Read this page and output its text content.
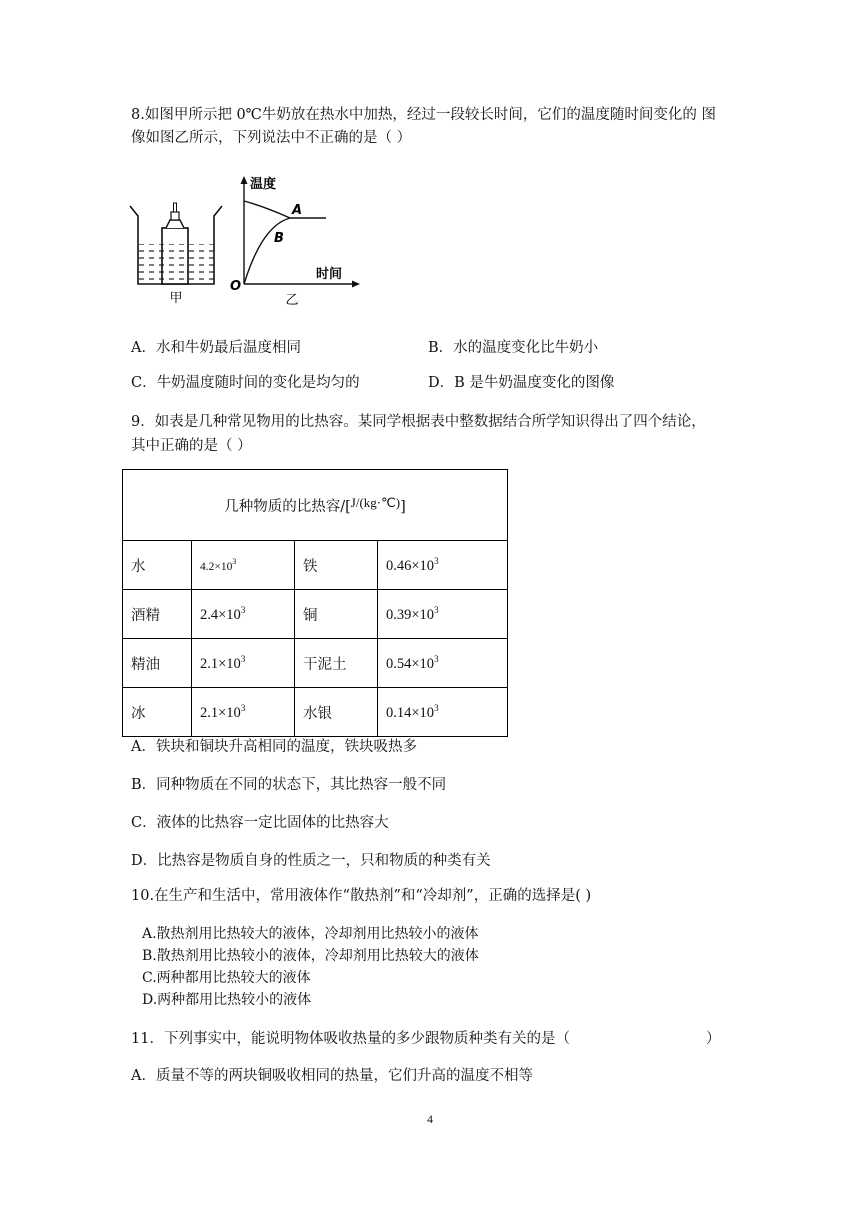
8.如图甲所示把 0℃牛奶放在热水中加热，经过一段较长时间，它们的温度随时间变化的 图
像如图乙所示，下列说法中不正确的是（ ）
甲
温度
时间
O
A
B
乙
A．水和牛奶最后温度相同	B．水的温度变化比牛奶小
C．牛奶温度随时间的变化是均匀的	D．B 是牛奶温度变化的图像
9．如表是几种常见物用的比热容。某同学根据表中整数据结合所学知识得出了四个结论，
其中正确的是（ ）
几种物质的比热容/[J/(kg·℃)]			
水	$4.2\times 10^3$	铁	$0.46\times 10^3$
酒精	$2.4\times 10^3$	铜	$0.39\times 10^3$
精油	$2.1\times 10^3$	干泥土	$0.54\times 10^3$
冰	$2.1\times 10^3$	水银	$0.14\times 10^3$
A．铁块和铜块升高相同的温度，铁块吸热多
B．同种物质在不同的状态下，其比热容一般不同
C．液体的比热容一定比固体的比热容大
D．比热容是物质自身的性质之一，只和物质的种类有关
10.在生产和生活中，常用液体作“散热剂”和“冷却剂”，正确的选择是( )
A.散热剂用比热较大的液体，冷却剂用比热较小的液体
B.散热剂用比热较小的液体，冷却剂用比热较大的液体
C.两种都用比热较大的液体
D.两种都用比热较小的液体
11．下列事实中，能说明物体吸收热量的多少跟物质种类有关的是（	）
A．质量不等的两块铜吸收相同的热量，它们升高的温度不相等
4
